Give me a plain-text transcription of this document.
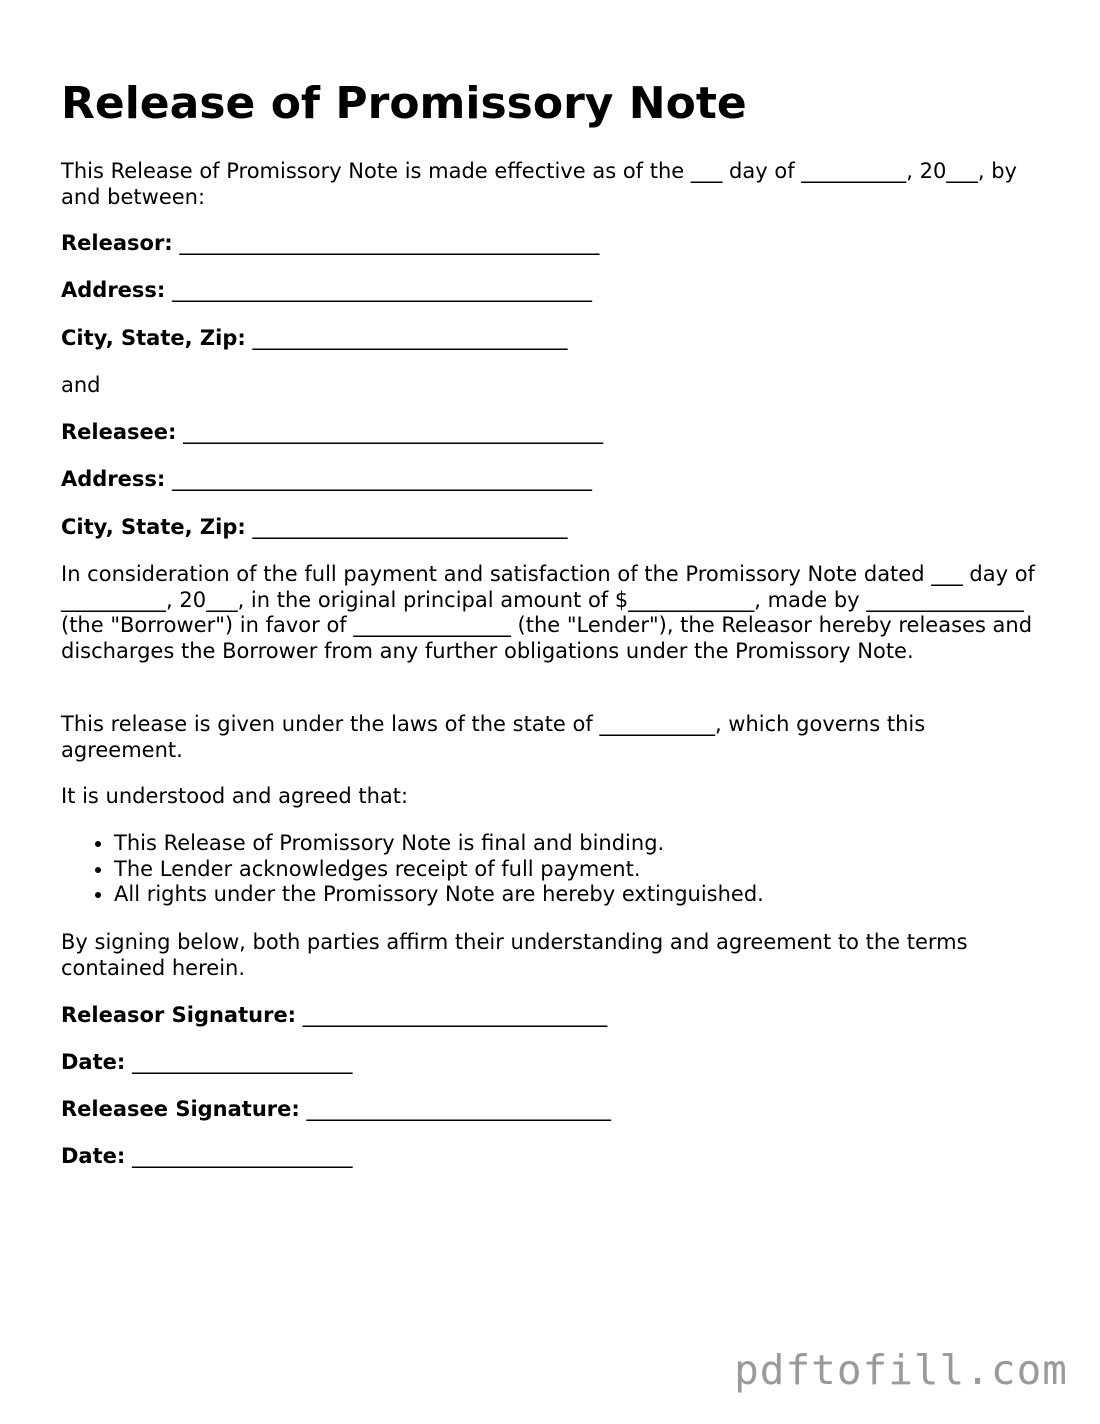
Release of Promissory Note

This Release of Promissory Note is made effective as of the ___ day of __________, 20___, by and between:

Releasor: ________________________________________

Address: ________________________________________

City, State, Zip: ______________________________

and

Releasee: ________________________________________

Address: ________________________________________

City, State, Zip: ______________________________

In consideration of the full payment and satisfaction of the Promissory Note dated ___ day of __________, 20___, in the original principal amount of $____________, made by _______________ (the "Borrower") in favor of _______________ (the "Lender"), the Releasor hereby releases and discharges the Borrower from any further obligations under the Promissory Note.

This release is given under the laws of the state of ___________, which governs this agreement.

It is understood and agreed that:

• This Release of Promissory Note is final and binding.
• The Lender acknowledges receipt of full payment.
• All rights under the Promissory Note are hereby extinguished.

By signing below, both parties affirm their understanding and agreement to the terms contained herein.

Releasor Signature: _____________________________

Date: _____________________

Releasee Signature: _____________________________

Date: _____________________

pdftofill.com
